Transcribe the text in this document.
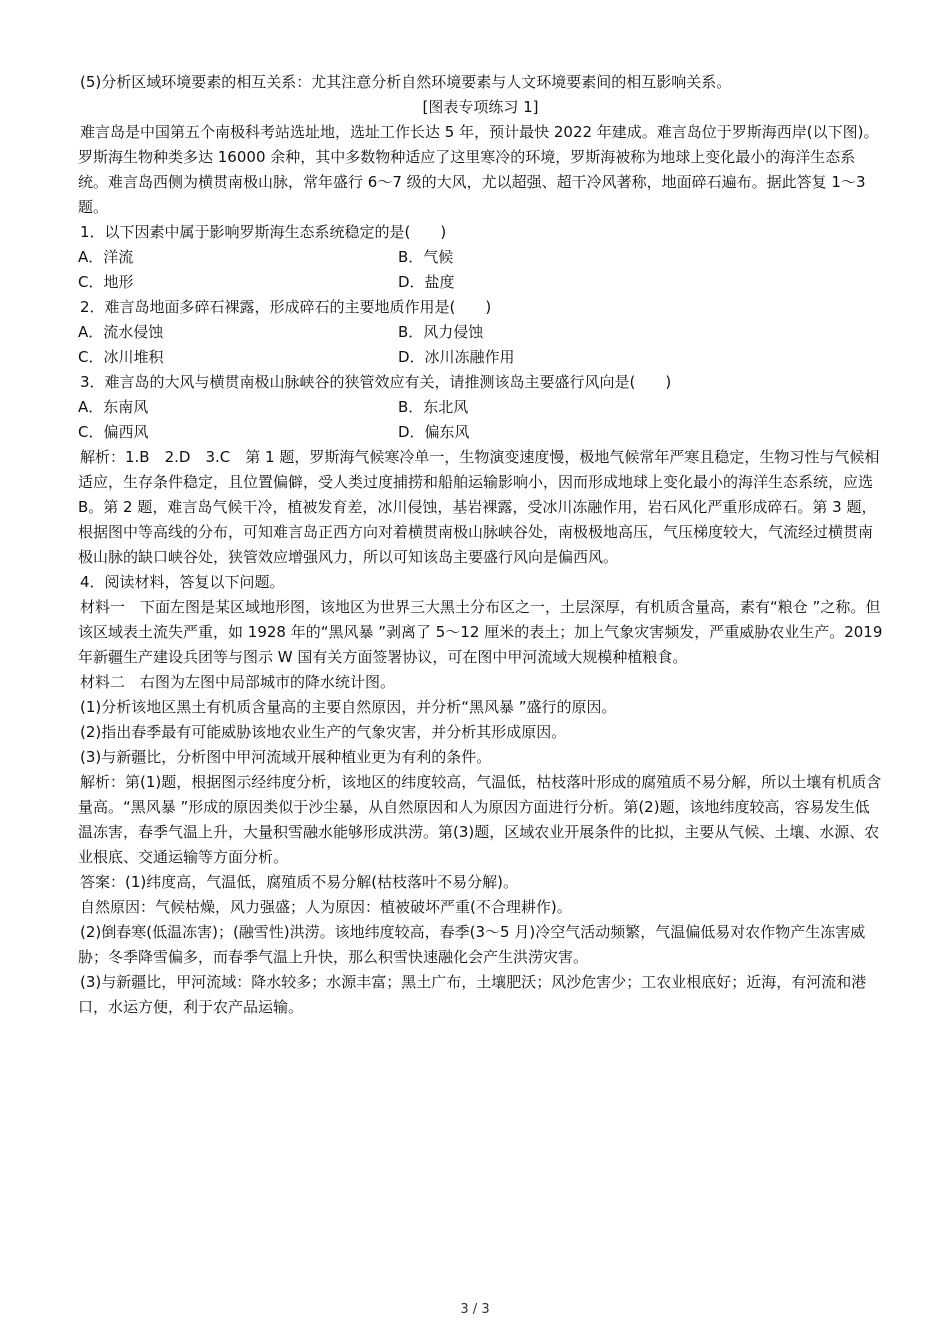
(5)分析区域环境要素的相互关系：尤其注意分析自然环境要素与人文环境要素间的相互影响关系。

[图表专项练习 1]

难言岛是中国第五个南极科考站选址地，选址工作长达 5 年，预计最快 2022 年建成。难言岛位于罗斯海西岸(以下图)。罗斯海生物种类多达 16000 余种，其中多数物种适应了这里寒冷的环境，罗斯海被称为地球上变化最小的海洋生态系统。难言岛西侧为横贯南极山脉，常年盛行 6～7 级的大风，尤以超强、超干冷风著称，地面碎石遍布。据此答复 1～3 题。

1．以下因素中属于影响罗斯海生态系统稳定的是(　　)

A．洋流	B．气候
C．地形	D．盐度

2．难言岛地面多碎石裸露，形成碎石的主要地质作用是(　　)

A．流水侵蚀	B．风力侵蚀
C．冰川堆积	D．冰川冻融作用

3．难言岛的大风与横贯南极山脉峡谷的狭管效应有关，请推测该岛主要盛行风向是(　　)

A．东南风	B．东北风
C．偏西风	D．偏东风

解析：1.B　2.D　3.C　第 1 题，罗斯海气候寒冷单一，生物演变速度慢，极地气候常年严寒且稳定，生物习性与气候相适应，生存条件稳定，且位置偏僻，受人类过度捕捞和船舶运输影响小，因而形成地球上变化最小的海洋生态系统，应选 B。第 2 题，难言岛气候干冷，植被发育差，冰川侵蚀，基岩裸露，受冰川冻融作用，岩石风化严重形成碎石。第 3 题，根据图中等高线的分布，可知难言岛正西方向对着横贯南极山脉峡谷处，南极极地高压，气压梯度较大，气流经过横贯南极山脉的缺口峡谷处，狭管效应增强风力，所以可知该岛主要盛行风向是偏西风。

4．阅读材料，答复以下问题。

材料一　下面左图是某区域地形图，该地区为世界三大黑土分布区之一，土层深厚，有机质含量高，素有“粮仓 ”之称。但该区域表土流失严重，如 1928 年的“黑风暴 ”剥离了 5～12 厘米的表土；加上气象灾害频发，严重威胁农业生产。2019 年新疆生产建设兵团等与图示 W 国有关方面签署协议，可在图中甲河流域大规模种植粮食。

材料二　右图为左图中局部城市的降水统计图。

(1)分析该地区黑土有机质含量高的主要自然原因，并分析“黑风暴 ”盛行的原因。

(2)指出春季最有可能威胁该地农业生产的气象灾害，并分析其形成原因。

(3)与新疆比，分析图中甲河流域开展种植业更为有利的条件。

解析：第(1)题，根据图示经纬度分析，该地区的纬度较高，气温低，枯枝落叶形成的腐殖质不易分解，所以土壤有机质含量高。“黑风暴 ”形成的原因类似于沙尘暴，从自然原因和人为原因方面进行分析。第(2)题，该地纬度较高，容易发生低温冻害，春季气温上升，大量积雪融水能够形成洪涝。第(3)题，区域农业开展条件的比拟，主要从气候、土壤、水源、农业根底、交通运输等方面分析。

答案：(1)纬度高，气温低，腐殖质不易分解(枯枝落叶不易分解)。

自然原因：气候枯燥，风力强盛；人为原因：植被破坏严重(不合理耕作)。

(2)倒春寒(低温冻害)；(融雪性)洪涝。该地纬度较高，春季(3～5 月)冷空气活动频繁，气温偏低易对农作物产生冻害威胁；冬季降雪偏多，而春季气温上升快，那么积雪快速融化会产生洪涝灾害。

(3)与新疆比，甲河流域：降水较多；水源丰富；黑土广布，土壤肥沃；风沙危害少；工农业根底好；近海，有河流和港口，水运方便，利于农产品运输。

3 / 3
